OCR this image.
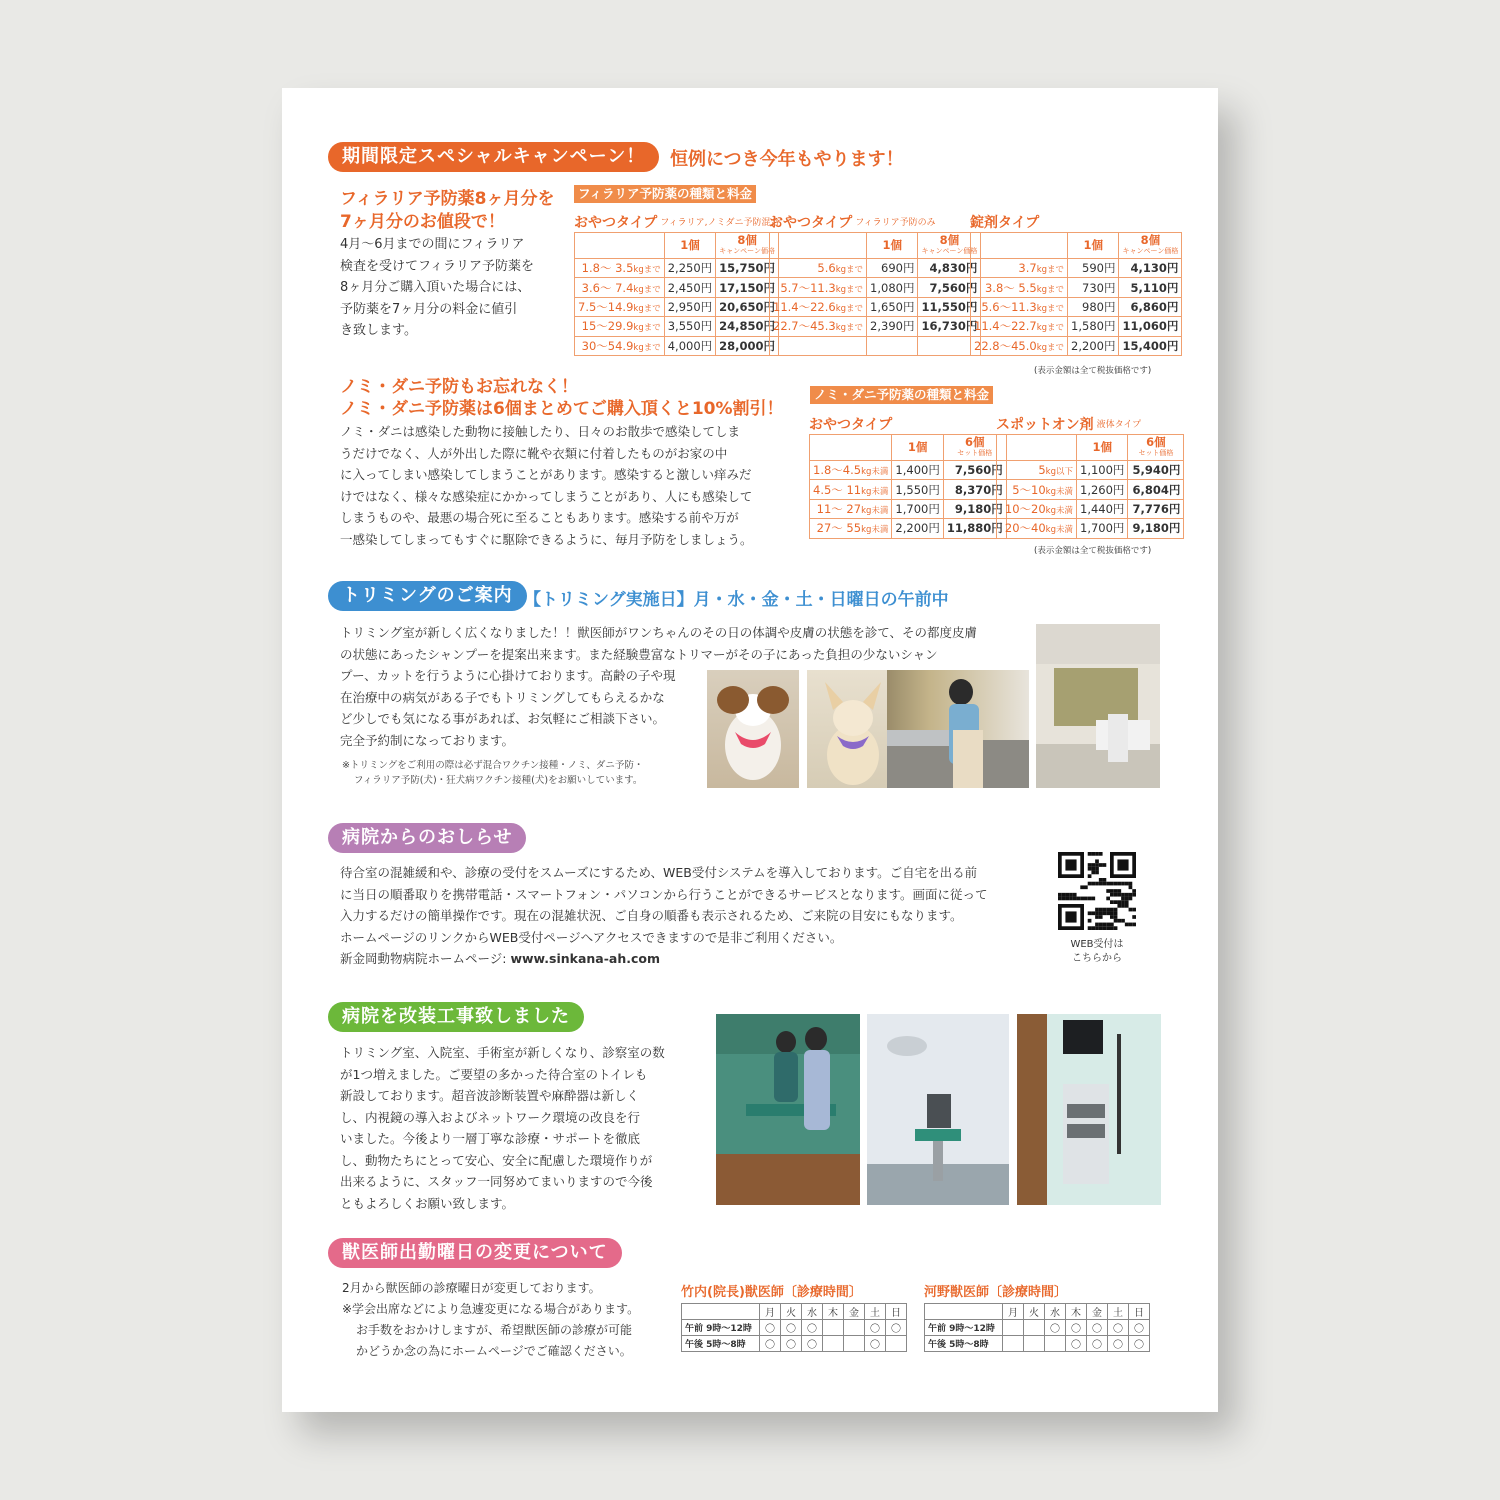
期間限定スペシャルキャンペーン！	恒例につき今年もやります！
フィラリア予防薬8ヶ月分を
7ヶ月分のお値段で！
4月〜6月までの間にフィラリア
検査を受けてフィラリア予防薬を
8ヶ月分ご購入頂いた場合には、
予防薬を7ヶ月分の料金に値引
き致します。
フィラリア予防薬の種類と料金
おやつタイプ フィラリア,ノミダニ予防混合
	1個	8個
キャンペーン価格

1.8〜 3.5kgまで	2,250円	15,750円
3.6〜 7.4kgまで	2,450円	17,150円
7.5〜14.9kgまで	2,950円	20,650円
15〜29.9kgまで	3,550円	24,850円
30〜54.9kgまで	4,000円	28,000円
おやつタイプ フィラリア予防のみ
	1個	8個
キャンペーン価格

5.6kgまで	690円	4,830円
5.7〜11.3kgまで	1,080円	7,560円
11.4〜22.6kgまで	1,650円	11,550円
22.7〜45.3kgまで	2,390円	16,730円

錠剤タイプ
	1個	8個
キャンペーン価格

3.7kgまで	590円	4,130円
3.8〜 5.5kgまで	730円	5,110円
5.6〜11.3kgまで	980円	6,860円
11.4〜22.7kgまで	1,580円	11,060円
22.8〜45.0kgまで	2,200円	15,400円
(表示金額は全て税抜価格です)
ノミ・ダニ予防もお忘れなく！
ノミ・ダニ予防薬は6個まとめてご購入頂くと10%割引！
ノミ・ダニは感染した動物に接触したり、日々のお散歩で感染してしま
うだけでなく、人が外出した際に靴や衣類に付着したものがお家の中
に入ってしまい感染してしまうことがあります。感染すると激しい痒みだ
けではなく、様々な感染症にかかってしまうことがあり、人にも感染して
しまうものや、最悪の場合死に至ることもあります。感染する前や万が
一感染してしまってもすぐに駆除できるように、毎月予防をしましょう。
ノミ・ダニ予防薬の種類と料金
おやつタイプ
	1個	6個
セット価格

1.8〜4.5kg未満	1,400円	7,560円
4.5〜 11kg未満	1,550円	8,370円
11〜 27kg未満	1,700円	9,180円
27〜 55kg未満	2,200円	11,880円
スポットオン剤 液体タイプ
	1個	6個
セット価格

5kg以下	1,100円	5,940円
5〜10kg未満	1,260円	6,804円
10〜20kg未満	1,440円	7,776円
20〜40kg未満	1,700円	9,180円
(表示金額は全て税抜価格です)
トリミングのご案内 【トリミング実施日】月・水・金・土・日曜日の午前中
トリミング室が新しく広くなりました！！獣医師がワンちゃんのその日の体調や皮膚の状態を診て、その都度皮膚
の状態にあったシャンプーを提案出来ます。また経験豊富なトリマーがその子にあった負担の少ないシャン
プー、カットを行うように心掛けております。高齢の子や現
在治療中の病気がある子でもトリミングしてもらえるかな
ど少しでも気になる事があれば、お気軽にご相談下さい。
完全予約制になっております。
※トリミングをご利用の際は必ず混合ワクチン接種・ノミ、ダニ予防・
フィラリア予防(犬)・狂犬病ワクチン接種(犬)をお願いしています。
病院からのおしらせ
待合室の混雑緩和や、診療の受付をスムーズにするため、WEB受付システムを導入しております。ご自宅を出る前
に当日の順番取りを携帯電話・スマートフォン・パソコンから行うことができるサービスとなります。画面に従って
入力するだけの簡単操作です。現在の混雑状況、ご自身の順番も表示されるため、ご来院の目安にもなります。
ホームページのリンクからWEB受付ページへアクセスできますので是非ご利用ください。
新金岡動物病院ホームページ: www.sinkana-ah.com
WEB受付は
こちらから
病院を改装工事致しました
トリミング室、入院室、手術室が新しくなり、診察室の数
が1つ増えました。ご要望の多かった待合室のトイレも
新設しております。超音波診断装置や麻酔器は新しく
し、内視鏡の導入およびネットワーク環境の改良を行
いました。今後より一層丁寧な診療・サポートを徹底
し、動物たちにとって安心、安全に配慮した環境作りが
出来るように、スタッフ一同努めてまいりますので今後
ともよろしくお願い致します。
獣医師出勤曜日の変更について
2月から獣医師の診療曜日が変更しております。
※学会出席などにより急遽変更になる場合があります。
お手数をおかけしますが、希望獣医師の診療が可能
かどうか念の為にホームページでご確認ください。
竹内(院長)獣医師〔診療時間〕
	月	火	水	木	金	土	日
午前 9時〜12時	〇	〇	〇			〇	〇
午後 5時〜8時	〇	〇	〇			〇	
河野獣医師〔診療時間〕
	月	火	水	木	金	土	日
午前 9時〜12時			〇	〇	〇	〇	〇
午後 5時〜8時				〇	〇	〇	〇
